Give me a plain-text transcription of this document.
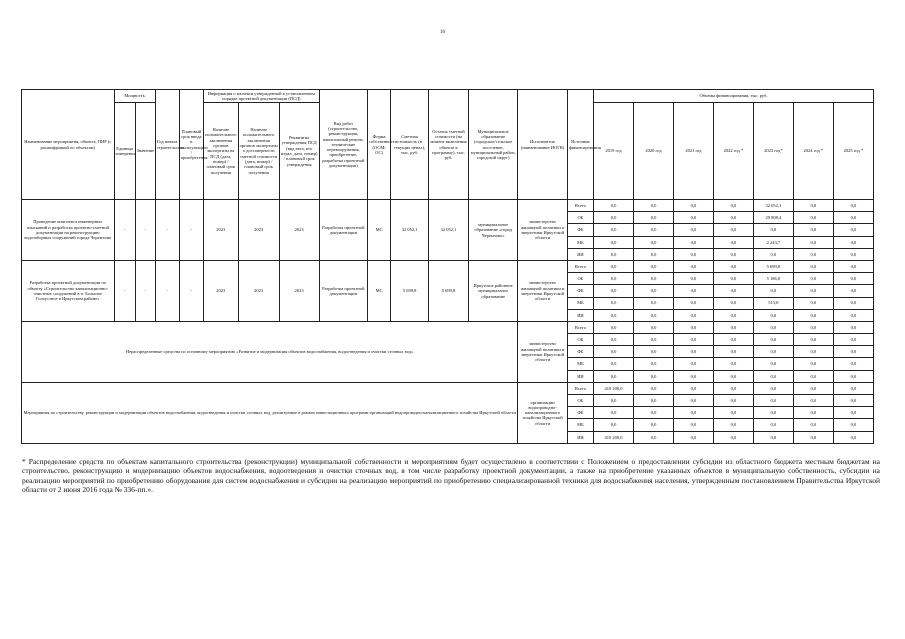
16
Наименование мероприятия, объекта, ПИР (с расшифровкой по объектам)	Мощность		Год начала строительства	Плановый срок ввода в эксплуатацию / приобретения	Информация о наличии утвержденной в установленном порядке проектной документации (ПСД)			Вид работ (строительство, реконструкция, капитальный ремонт, технические перевооружения, приобретение, разработка проектной документации)	Форма собственности (ОСМ/ОС)	Сметная стоимость (в текущих ценах), тыс. руб.	Остаток сметной стоимости (на момент включения объекта в программу), тыс. руб.	Муниципальное образование (городское/сельское поселение, муниципальный район, городской округ)	Исполнитель (наименование ИОГВ)	Источник финансирования	Объемы финансирования, тыс. руб.						
	Единица измерения	Значение			Наличие положительного заключения органов экспертизы на ПСД (дата, номер) / плановый срок получения	Наличие положительного заключения органов экспертизы о достоверности сметной стоимости (дата, номер) / плановый срок получения	Реквизиты утверждения ПСД (вид акта, кто издал, дата, номер) / плановый срок утверждения														
															2019 год	2020 год	2021 год	2022 год *	2023 год*	2024 год *	2025 год *
Проведение комплекса инженерных изысканий и разработка проектно-сметной документации на реконструкцию водозаборных сооружений города Черемхово	-	-	-	-	2023	2023	2023	Разработка проектной документации	МС	32 052,1	32 052,1	муниципальное образование «город Черемхово»	министерство жилищной политики и энергетики Иркутской области	Всего	0,0	0,0	0,0	0,0	32 052,1	0,0	0,0
														ОБ	0,0	0,0	0,0	0,0	29 808,4	0,0	0,0
														ФБ	0,0	0,0	0,0	0,0	0,0	0,0	0,0
														МБ	0,0	0,0	0,0	0,0	2 243,7	0,0	0,0
														ИИ	0,0	0,0	0,0	0,0	0,0	0,0	0,0
Разработка проектной документации по объекту «Строительство канализационно-очистных сооружений в п. Большое Голоустное в Иркутском районе»	-	-	-	-	2023	2023	2023	Разработка проектной документации	МС	5 699,8	5 699,8	Иркутское районное муниципальное образование	министерство жилищной политики и энергетики Иркутской области	Всего	0,0	0,0	0,0	0,0	5 699,8	0,0	0,0
														ОБ	0,0	0,0	0,0	0,0	5 186,8	0,0	0,0
														ФБ	0,0	0,0	0,0	0,0	0,0	0,0	0,0
														МБ	0,0	0,0	0,0	0,0	513,0	0,0	0,0
														ИИ	0,0	0,0	0,0	0,0	0,0	0,0	0,0
Нераспределенные средства по основному мероприятию «Развитие и модернизация объектов водоснабжения, водоотведения и очистки сточных вод»													министерство жилищной политики и энергетики Иркутской области	Всего	0,0	0,0	0,0	0,0	0,0	0,0	0,0
														ОБ	0,0	0,0	0,0	0,0	0,0	0,0	0,0
														ФБ	0,0	0,0	0,0	0,0	0,0	0,0	0,0
														МБ	0,0	0,0	0,0	0,0	0,0	0,0	0,0
														ИИ	0,0	0,0	0,0	0,0	0,0	0,0	0,0
Мероприятия по строительству, реконструкции и модернизации объектов водоснабжения, водоотведения и очистки сточных вод, реализуемые в рамках инвестиционных программ организаций водопроводно-канализационного хозяйства Иркутской области													организации водопроводно-канализационного хозяйства Иркутской области	Всего	410 200,0	0,0	0,0	0,0	0,0	0,0	0,0
														ОБ	0,0	0,0	0,0	0,0	0,0	0,0	0,0
														ФБ	0,0	0,0	0,0	0,0	0,0	0,0	0,0
														МБ	0,0	0,0	0,0	0,0	0,0	0,0	0,0
														ИИ	410 200,0	0,0	0,0	0,0	0,0	0,0	0,0
* Распределение средств по объектам капитального строительства (реконструкции) муниципальной собственности и мероприятиям будет осуществлено в соответствии с Положением о предоставлении субсидии из областного бюджета местным бюджетам на строительство, реконструкцию и модернизацию объектов водоснабжения, водоотведения и очистки сточных вод, в том числе разработку проектной документации, а также на приобретение указанных объектов в муниципальную собственность, субсидии на реализацию мероприятий по приобретению оборудования для систем водоснабжения и субсидии на реализацию мероприятий по приобретению специализированной техники для водоснабжения населения, утвержденным постановлением Правительства Иркутской области от 2 июня 2016 года № 336-пп.».
